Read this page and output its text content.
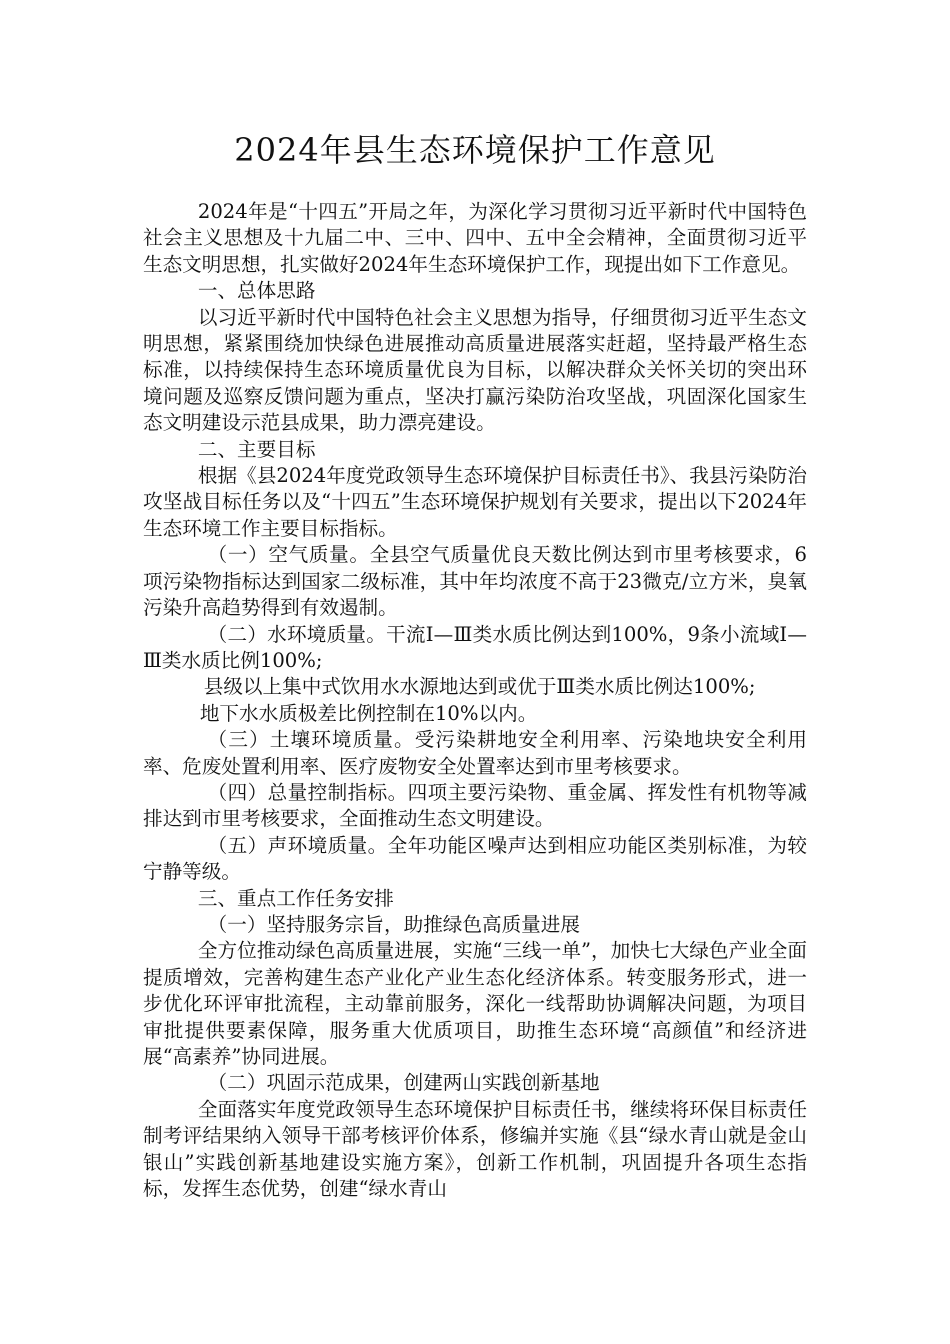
2024年县生态环境保护工作意见

2024年是“十四五”开局之年，为深化学习贯彻习近平新时代中国特色社会主义思想及十九届二中、三中、四中、五中全会精神，全面贯彻习近平生态文明思想，扎实做好2024年生态环境保护工作，现提出如下工作意见。

一、总体思路

以习近平新时代中国特色社会主义思想为指导，仔细贯彻习近平生态文明思想，紧紧围绕加快绿色进展推动高质量进展落实赶超，坚持最严格生态标准，以持续保持生态环境质量优良为目标，以解决群众关怀关切的突出环境问题及巡察反馈问题为重点，坚决打赢污染防治攻坚战，巩固深化国家生态文明建设示范县成果，助力漂亮建设。

二、主要目标

根据《县2024年度党政领导生态环境保护目标责任书》、我县污染防治攻坚战目标任务以及“十四五”生态环境保护规划有关要求，提出以下2024年生态环境工作主要目标指标。

（一）空气质量。全县空气质量优良天数比例达到市里考核要求，6项污染物指标达到国家二级标准，其中年均浓度不高于23微克/立方米，臭氧污染升高趋势得到有效遏制。

（二）水环境质量。干流Ⅰ—Ⅲ类水质比例达到100%，9条小流域Ⅰ—Ⅲ类水质比例100%;

县级以上集中式饮用水水源地达到或优于Ⅲ类水质比例达100%;

地下水水质极差比例控制在10%以内。

（三）土壤环境质量。受污染耕地安全利用率、污染地块安全利用率、危废处置利用率、医疗废物安全处置率达到市里考核要求。

（四）总量控制指标。四项主要污染物、重金属、挥发性有机物等减排达到市里考核要求，全面推动生态文明建设。

（五）声环境质量。全年功能区噪声达到相应功能区类别标准，为较宁静等级。

三、重点工作任务安排

（一）坚持服务宗旨，助推绿色高质量进展

全方位推动绿色高质量进展，实施“三线一单”，加快七大绿色产业全面提质增效，完善构建生态产业化产业生态化经济体系。转变服务形式，进一步优化环评审批流程，主动靠前服务，深化一线帮助协调解决问题，为项目审批提供要素保障，服务重大优质项目，助推生态环境“高颜值”和经济进展“高素养”协同进展。

（二）巩固示范成果，创建两山实践创新基地

全面落实年度党政领导生态环境保护目标责任书，继续将环保目标责任制考评结果纳入领导干部考核评价体系，修编并实施《县“绿水青山就是金山银山”实践创新基地建设实施方案》，创新工作机制，巩固提升各项生态指标，发挥生态优势，创建“绿水青山
